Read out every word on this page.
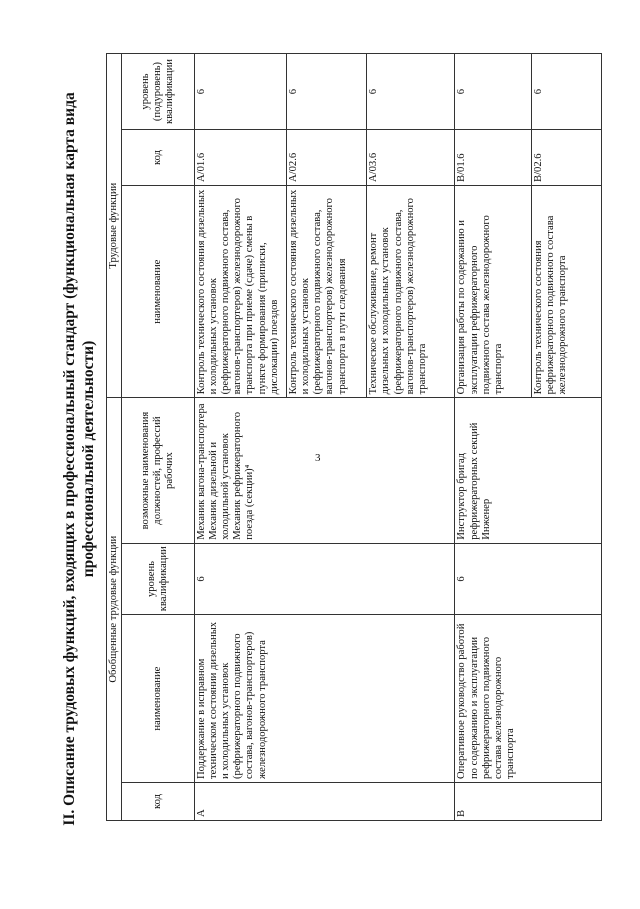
3
II. Описание трудовых функций, входящих в профессиональный стандарт (функциональная карта вида профессиональной деятельности)
Обобщенные трудовые функции				Трудовые функции		
код	наименование	уровень квалификации	возможные наименования должностей, профессий рабочих	наименование	код	уровень (подуровень) квалификации
А	Поддержание в исправном техническом состоянии дизельных и холодильных установок (рефрижераторного подвижного состава, вагонов-транспортеров) железнодорожного транспорта	6	Механик вагона-транспортера Механик дизельной и холодильной установок Механик рефрижераторного поезда (секции)⁴	Контроль технического состояния дизельных и холодильных установок (рефрижераторного подвижного состава, вагонов-транспортеров) железнодорожного транспорта при приеме (сдаче) смены в пункте формирования (приписки, дислокации) поездов	А/01.6	6
				Контроль технического состояния дизельных и холодильных установок (рефрижераторного подвижного состава, вагонов-транспортеров) железнодорожного транспорта в пути следования	А/02.6	6
				Техническое обслуживание, ремонт дизельных и холодильных установок (рефрижераторного подвижного состава, вагонов-транспортеров) железнодорожного транспорта	А/03.6	6
В	Оперативное руководство работой по содержанию и эксплуатации рефрижераторного подвижного состава железнодорожного транспорта	6	Инструктор бригад рефрижераторных секций Инженер	Организация работы по содержанию и эксплуатации рефрижераторного подвижного состава железнодорожного транспорта	В/01.6	6
				Контроль технического состояния рефрижераторного подвижного состава железнодорожного транспорта	В/02.6	6
